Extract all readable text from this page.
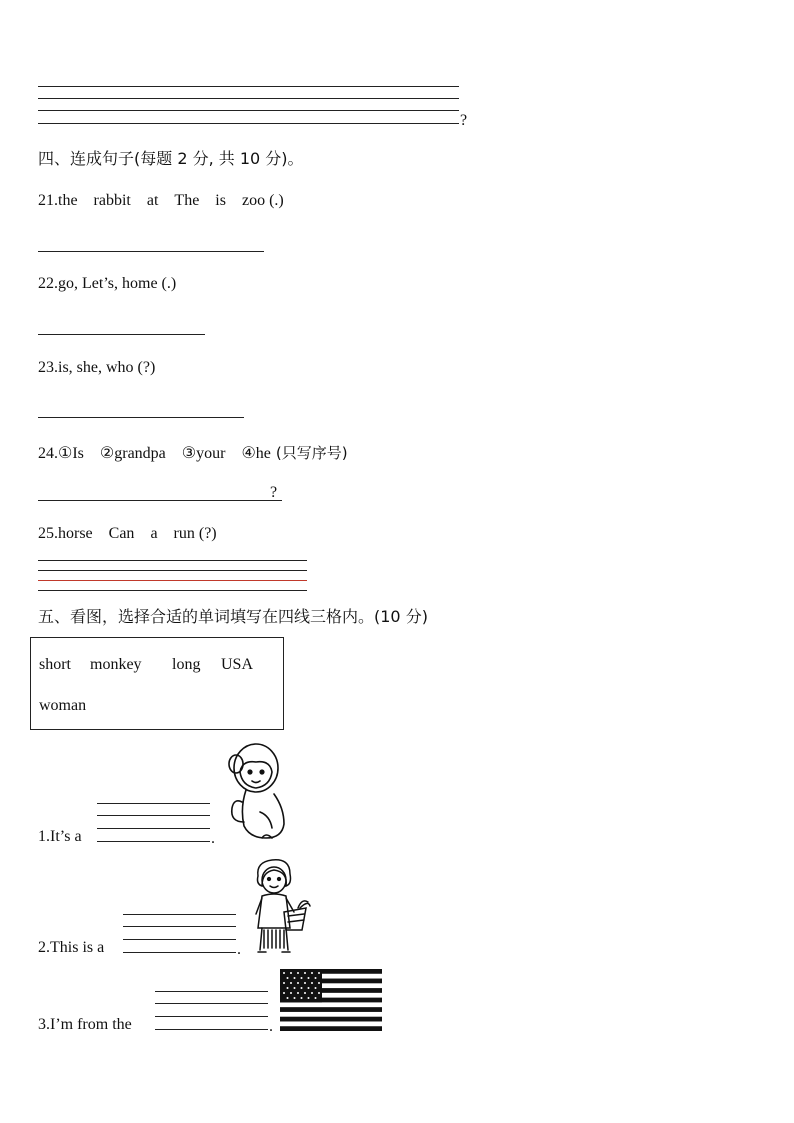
?
四、连成句子(每题 2 分, 共 10 分)。
21.the rabbit at The is zoo (.)
22.go, Let’s, home (.)
23.is, she, who (?)
24.①Is ②grandpa ③your ④he (只写序号)
?
25.horse Can a run (?)
五、看图，选择合适的单词填写在四线三格内。(10 分)
short monkey long USA
woman
1.It’s a	.
2.This is a	.
3.I’m from the	.
